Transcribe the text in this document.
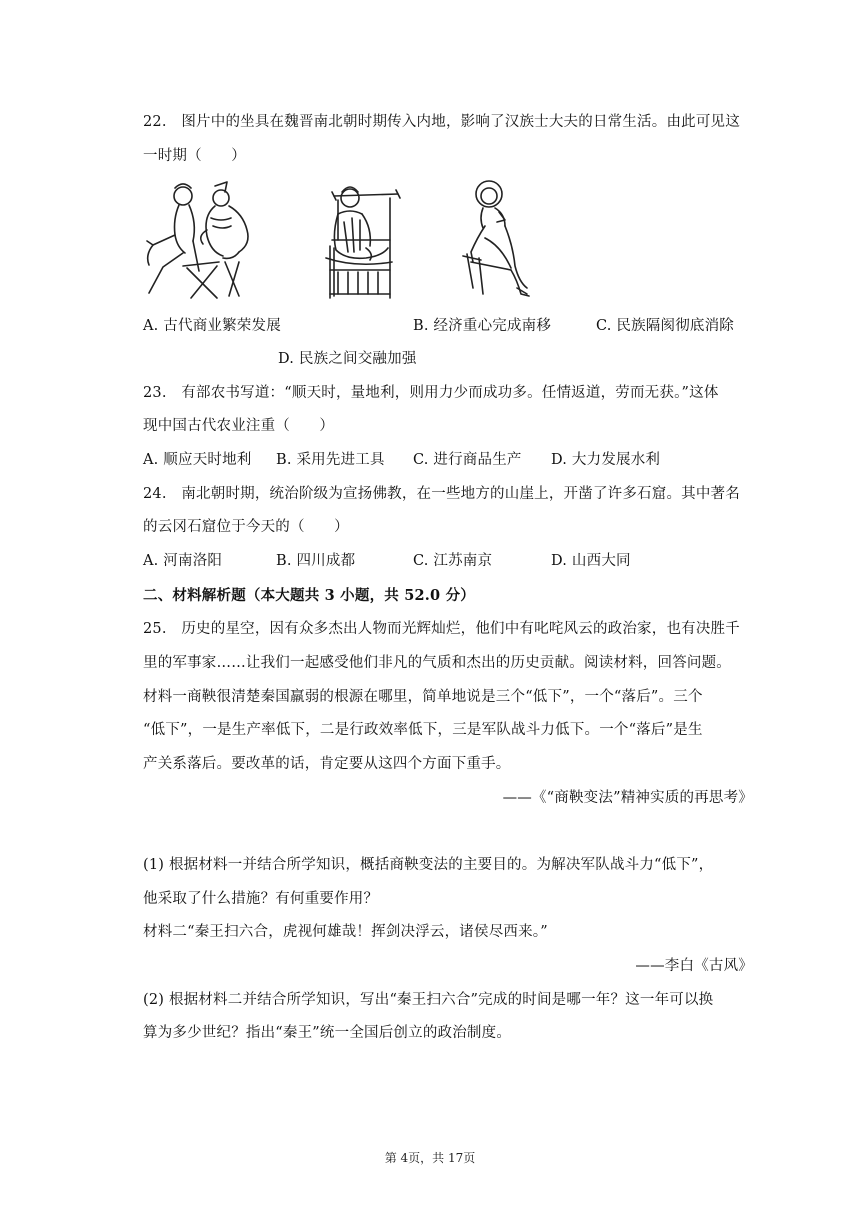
22.　图片中的坐具在魏晋南北朝时期传入内地，影响了汉族士大夫的日常生活。由此可见这
一时期（　　）
A. 古代商业繁荣发展	B. 经济重心完成南移	C. 民族隔阂彻底消除
D. 民族之间交融加强
23.　有部农书写道：“顺天时，量地利，则用力少而成功多。任情返道，劳而无获。”这体
现中国古代农业注重（　　）
A. 顺应天时地利 B. 采用先进工具 C. 进行商品生产 D. 大力发展水利
24.　南北朝时期，统治阶级为宣扬佛教，在一些地方的山崖上，开凿了许多石窟。其中著名
的云冈石窟位于今天的（　　）
A. 河南洛阳	B. 四川成都	C. 江苏南京	D. 山西大同
二、材料解析题（本大题共 3 小题，共 52.0 分）
25.　历史的星空，因有众多杰出人物而光辉灿烂，他们中有叱咤风云的政治家，也有决胜千
里的军事家……让我们一起感受他们非凡的气质和杰出的历史贡献。阅读材料，回答问题。
材料一商鞅很清楚秦国羸弱的根源在哪里，简单地说是三个“低下”，一个“落后”。三个
“低下”，一是生产率低下，二是行政效率低下，三是军队战斗力低下。一个“落后”是生
产关系落后。要改革的话，肯定要从这四个方面下重手。
——《“商鞅变法”精神实质的再思考》
(1) 根据材料一并结合所学知识，概括商鞅变法的主要目的。为解决军队战斗力“低下”，
他采取了什么措施？有何重要作用？
材料二“秦王扫六合，虎视何雄哉！挥剑决浮云，诸侯尽西来。”
——李白《古风》
(2) 根据材料二并结合所学知识，写出“秦王扫六合”完成的时间是哪一年？这一年可以换
算为多少世纪？指出“秦王”统一全国后创立的政治制度。
第 4页，共 17页
